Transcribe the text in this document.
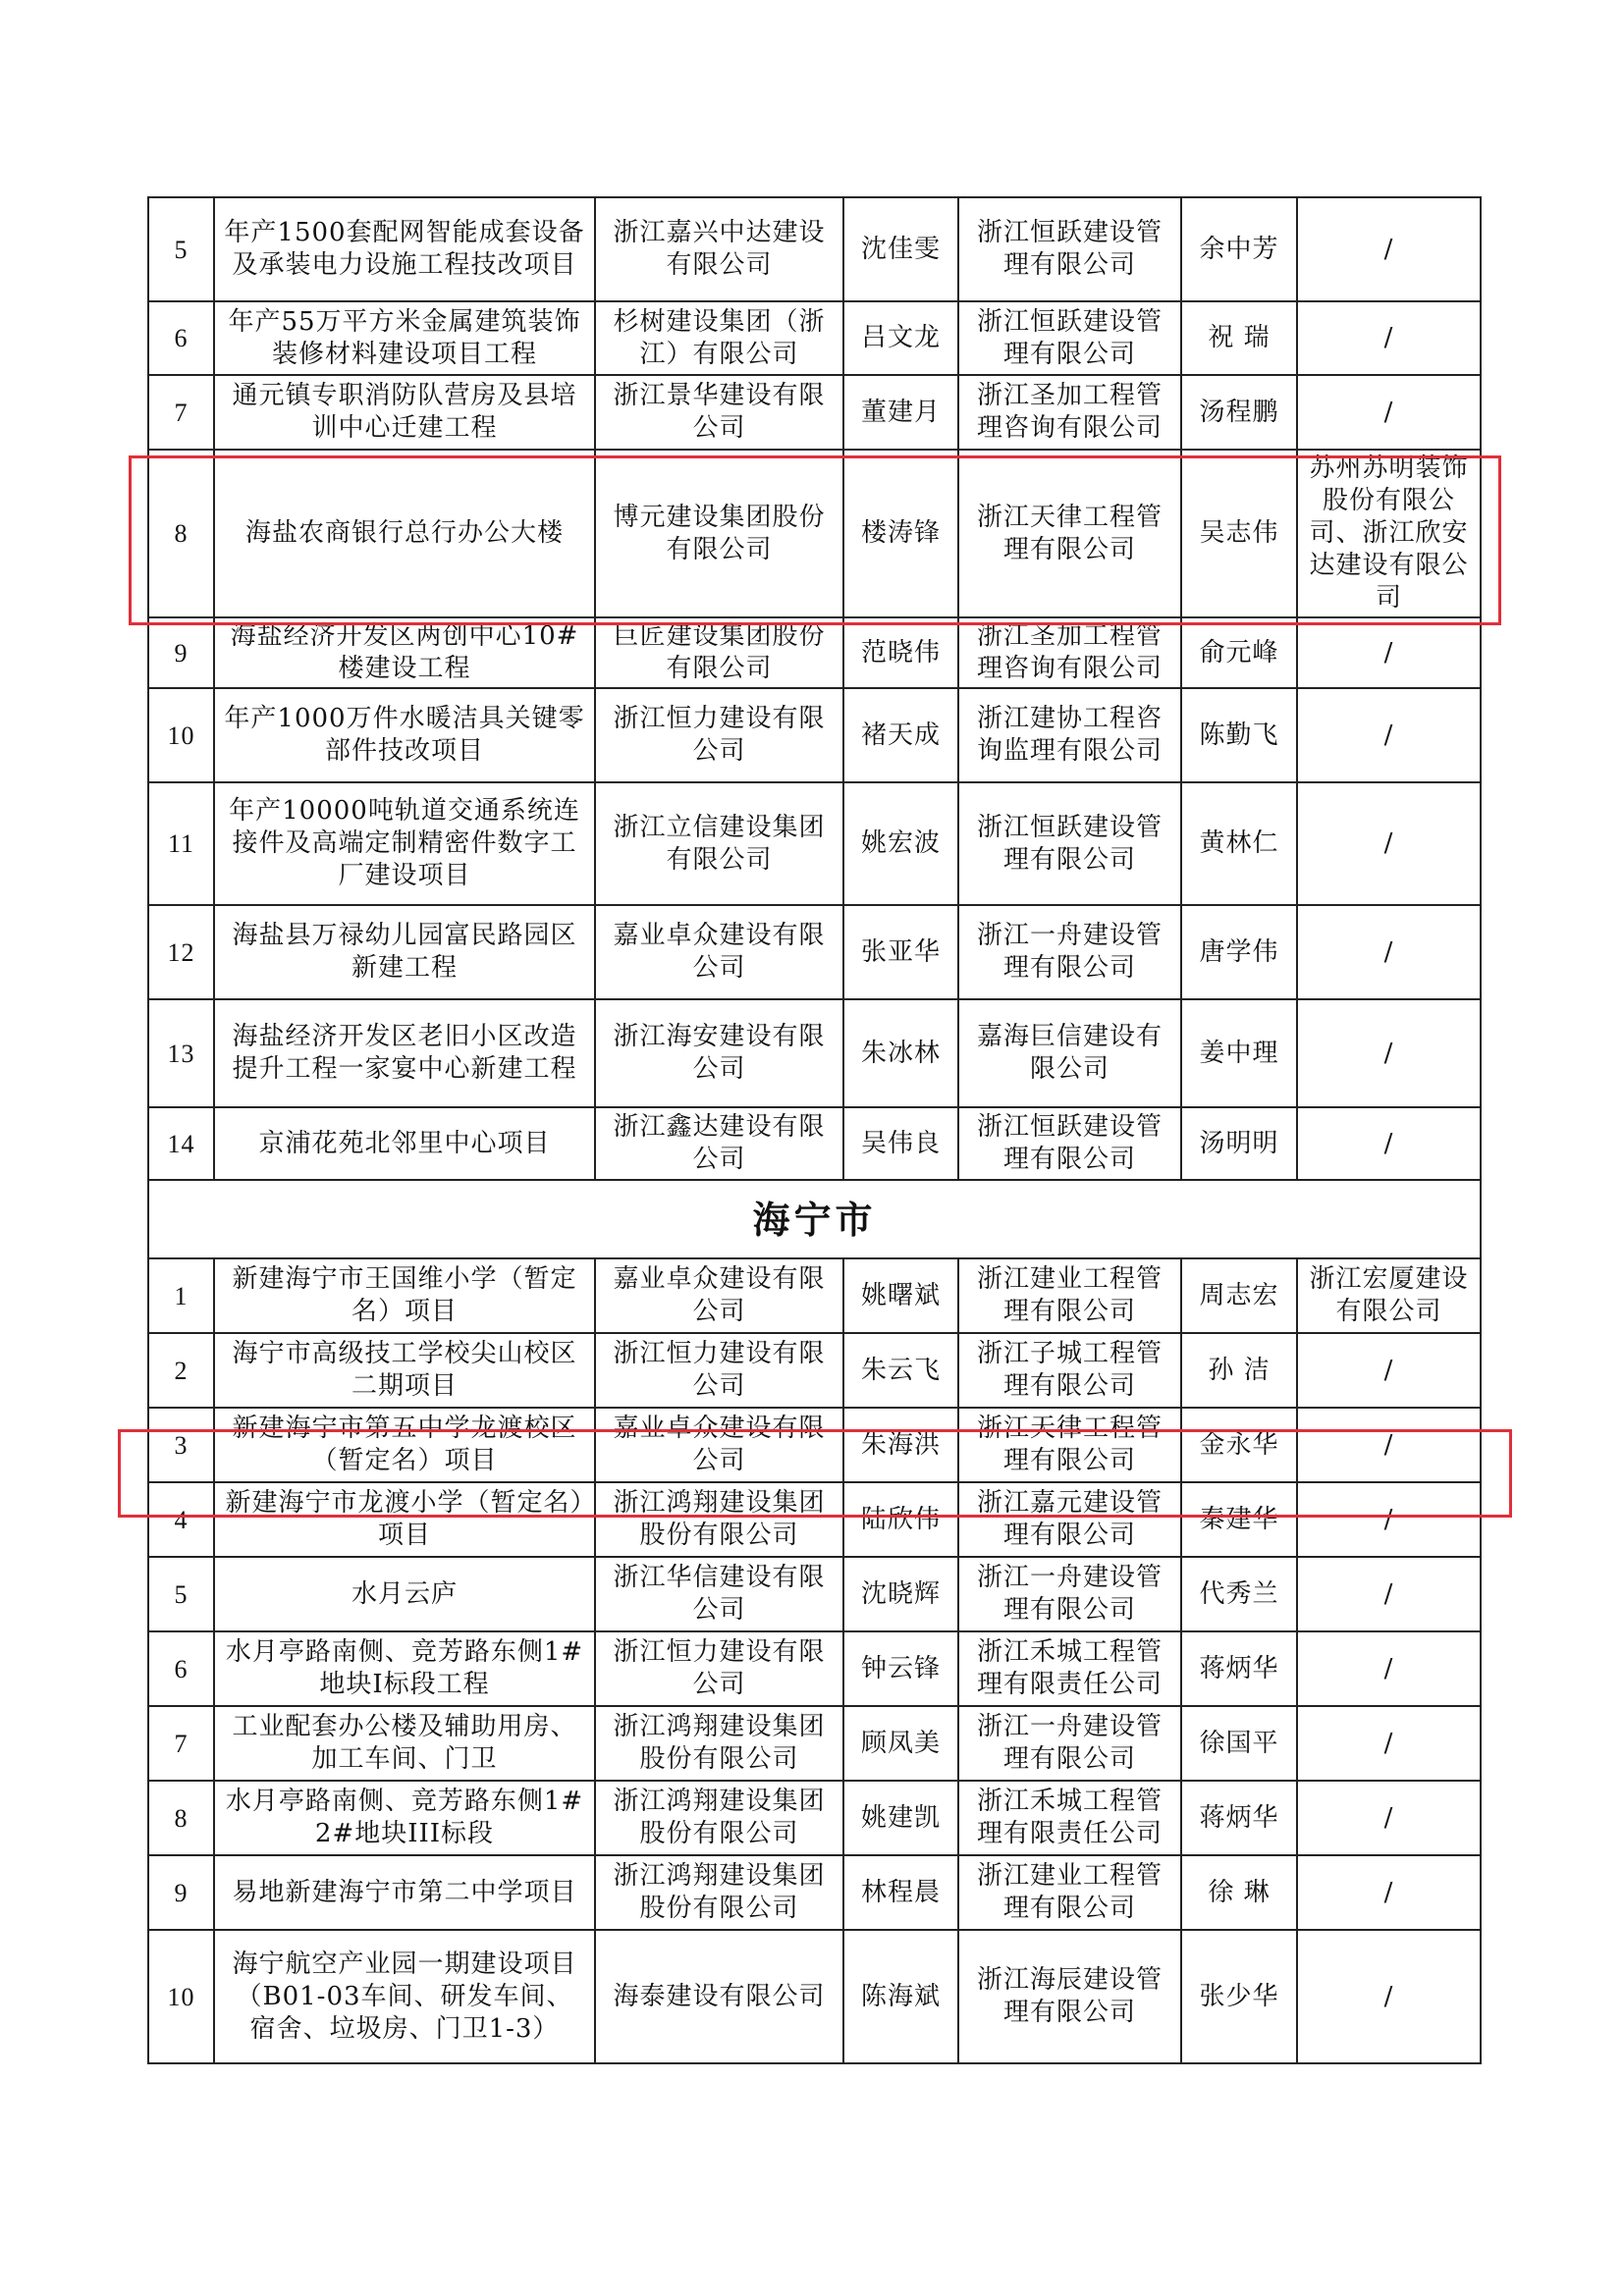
5	年产1500套配网智能成套设备及承装电力设施工程技改项目	浙江嘉兴中达建设有限公司	沈佳雯	浙江恒跃建设管理有限公司	余中芳	/
6	年产55万平方米金属建筑装饰装修材料建设项目工程	杉树建设集团（浙江）有限公司	吕文龙	浙江恒跃建设管理有限公司	祝 瑞	/
7	通元镇专职消防队营房及县培训中心迁建工程	浙江景华建设有限公司	董建月	浙江圣加工程管理咨询有限公司	汤程鹏	/
8	海盐农商银行总行办公大楼	博元建设集团股份有限公司	楼涛锋	浙江天律工程管理有限公司	吴志伟	苏州苏明装饰股份有限公司、浙江欣安达建设有限公司
9	海盐经济开发区两创中心10#楼建设工程	巨匠建设集团股份有限公司	范晓伟	浙江圣加工程管理咨询有限公司	俞元峰	/
10	年产1000万件水暖洁具关键零部件技改项目	浙江恒力建设有限公司	褚天成	浙江建协工程咨询监理有限公司	陈勤飞	/
11	年产10000吨轨道交通系统连接件及高端定制精密件数字工厂建设项目	浙江立信建设集团有限公司	姚宏波	浙江恒跃建设管理有限公司	黄林仁	/
12	海盐县万禄幼儿园富民路园区新建工程	嘉业卓众建设有限公司	张亚华	浙江一舟建设管理有限公司	唐学伟	/
13	海盐经济开发区老旧小区改造提升工程一家宴中心新建工程	浙江海安建设有限公司	朱冰林	嘉海巨信建设有限公司	姜中理	/
14	京浦花苑北邻里中心项目	浙江鑫达建设有限公司	吴伟良	浙江恒跃建设管理有限公司	汤明明	/
海宁市						
1	新建海宁市王国维小学（暂定名）项目	嘉业卓众建设有限公司	姚曙斌	浙江建业工程管理有限公司	周志宏	浙江宏厦建设有限公司
2	海宁市高级技工学校尖山校区二期项目	浙江恒力建设有限公司	朱云飞	浙江子城工程管理有限公司	孙 洁	/
3	新建海宁市第五中学龙渡校区（暂定名）项目	嘉业卓众建设有限公司	朱海洪	浙江天律工程管理有限公司	金永华	/
4	新建海宁市龙渡小学（暂定名）项目	浙江鸿翔建设集团股份有限公司	陆欣伟	浙江嘉元建设管理有限公司	秦建华	/
5	水月云庐	浙江华信建设有限公司	沈晓辉	浙江一舟建设管理有限公司	代秀兰	/
6	水月亭路南侧、竞芳路东侧1#地块I标段工程	浙江恒力建设有限公司	钟云锋	浙江禾城工程管理有限责任公司	蒋炳华	/
7	工业配套办公楼及辅助用房、加工车间、门卫	浙江鸿翔建设集团股份有限公司	顾凤美	浙江一舟建设管理有限公司	徐国平	/
8	水月亭路南侧、竞芳路东侧1#2#地块III标段	浙江鸿翔建设集团股份有限公司	姚建凯	浙江禾城工程管理有限责任公司	蒋炳华	/
9	易地新建海宁市第二中学项目	浙江鸿翔建设集团股份有限公司	林程晨	浙江建业工程管理有限公司	徐 琳	/
10	海宁航空产业园一期建设项目（B01-03车间、研发车间、宿舍、垃圾房、门卫1-3）	海泰建设有限公司	陈海斌	浙江海辰建设管理有限公司	张少华	/
